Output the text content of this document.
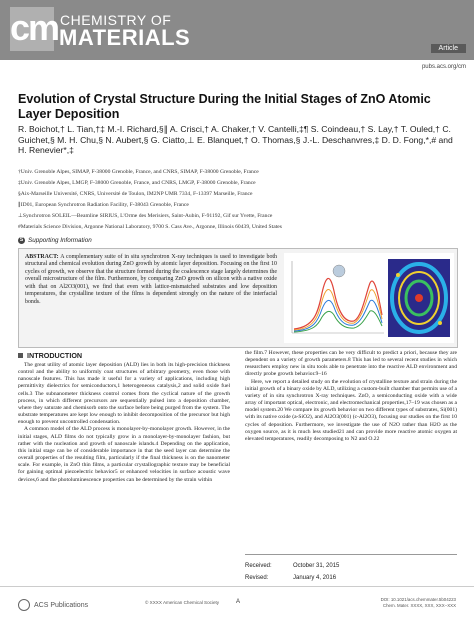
cm CHEMISTRY OF
MATERIALS	Article
pubs.acs.org/cm
Evolution of Crystal Structure During the Initial Stages of ZnO Atomic Layer Deposition
R. Boichot,† L. Tian,†‡ M.-I. Richard,§∥ A. Crisci,† A. Chaker,† V. Cantelli,‡¶ S. Coindeau,† S. Lay,† T. Ouled,† C. Guichet,§ M. H. Chu,§ N. Aubert,§ G. Ciatto,⊥ E. Blanquet,† O. Thomas,§ J.-L. Deschanvres,‡ D. D. Fong,*,# and H. Renevier*,‡
†Univ. Grenoble Alpes, SIMAP, F-38000 Grenoble, France, and CNRS, SIMAP, F-38000 Grenoble, France
‡Univ. Grenoble Alpes, LMGP, F-38000 Grenoble, France, and CNRS, LMGP, F-38000 Grenoble, France
§Aix-Marseille Université, CNRS, Université de Toulon, IM2NP UMR 7334, F-13397 Marseille, France
∥ID01, European Synchrotron Radiation Facility, F-38043 Grenoble, France
⊥Synchrotron SOLEIL—Beamline SIRIUS, L'Orme des Merisiers, Saint-Aubin, F-91192, Gif sur Yvette, France
#Materials Science Division, Argonne National Laboratory, 9700 S. Cass Ave., Argonne, Illinois 60439, United States
S Supporting Information
ABSTRACT: A complementary suite of in situ synchrotron X-ray techniques is used to investigate both structural and chemical evolution during ZnO growth by atomic layer deposition. Focusing on the first 10 cycles of growth, we observe that the structure formed during the coalescence stage largely determines the overall microstructure of the film. Furthermore, by comparing ZnO growth on silicon with a native oxide with that on Al2O3(001), we find that even with lattice-mismatched substrates and low deposition temperatures, the crystalline texture of the films is dependent strongly on the nature of the interfacial bonds.
INTRODUCTION

The great utility of atomic layer deposition (ALD) lies in both its high-precision thickness control and the ability to uniformly coat structures of arbitrary geometry, even those with nanoscale features. This has made it useful for a variety of applications, including high permittivity dielectrics for semiconductors,1 heterogeneous catalysis,2 and solid oxide fuel cells.3 The subnanometer thickness control comes from the cyclical nature of the growth process, in which different precursors are sequentially pulsed into a deposition chamber, where they saturate and chemisorb onto the surface before being purged from the system. The substrate temperatures are kept low enough to inhibit decomposition of the precursor but high enough to prevent uncontrolled condensation.

A common model of the ALD process is monolayer-by-monolayer growth. However, in the initial stages, ALD films do not typically grow in a monolayer-by-monolayer fashion, but rather with the nucleation and growth of nanoscale islands.4 Depending on the application, this initial stage can be of considerable importance in that the seed layer can determine the overall properties of the resulting film, particularly if the final thickness is on the nanometer scale. For example, in ZnO thin films, a particular crystallographic texture may be beneficial for gaining optimal piezoelectric behavior5 or enhanced velocities in surface acoustic wave devices,6 and the photoluminescence properties can be determined by the strain within

the film.7 However, these properties can be very difficult to predict a priori, because they are dependent on a variety of growth parameters.8 This has led to several recent studies in which researchers employ new in situ tools able to penetrate into the reactive ALD environment and directly probe growth behavior.9–16

Here, we report a detailed study on the evolution of crystalline texture and strain during the initial growth of a binary oxide by ALD, utilizing a custom-built chamber that permits use of a variety of in situ synchrotron X-ray techniques. ZnO, a semiconducting oxide with a wide array of important optical, electronic, and electromechanical properties,17–19 was chosen as a model system.20 We compare its growth behavior on two different types of substrates, Si(001) with its native oxide (a-SiO2), and Al2O3(001) (c-Al2O3), focusing our studies on the first 10 cycles of deposition. Furthermore, we investigate the use of N2O rather than H2O as the oxygen source, as it is much less studied21 and can provide more reactive atomic oxygen at elevated temperatures, readily decomposing to N2 and O.22

Received:	October 31, 2015
Revised:	January 4, 2016
ACS Publications	© XXXX American Chemical Society	A	DOI: 10.1021/acs.chemmater.5b04223
Chem. Mater. XXXX, XXX, XXX−XXX
